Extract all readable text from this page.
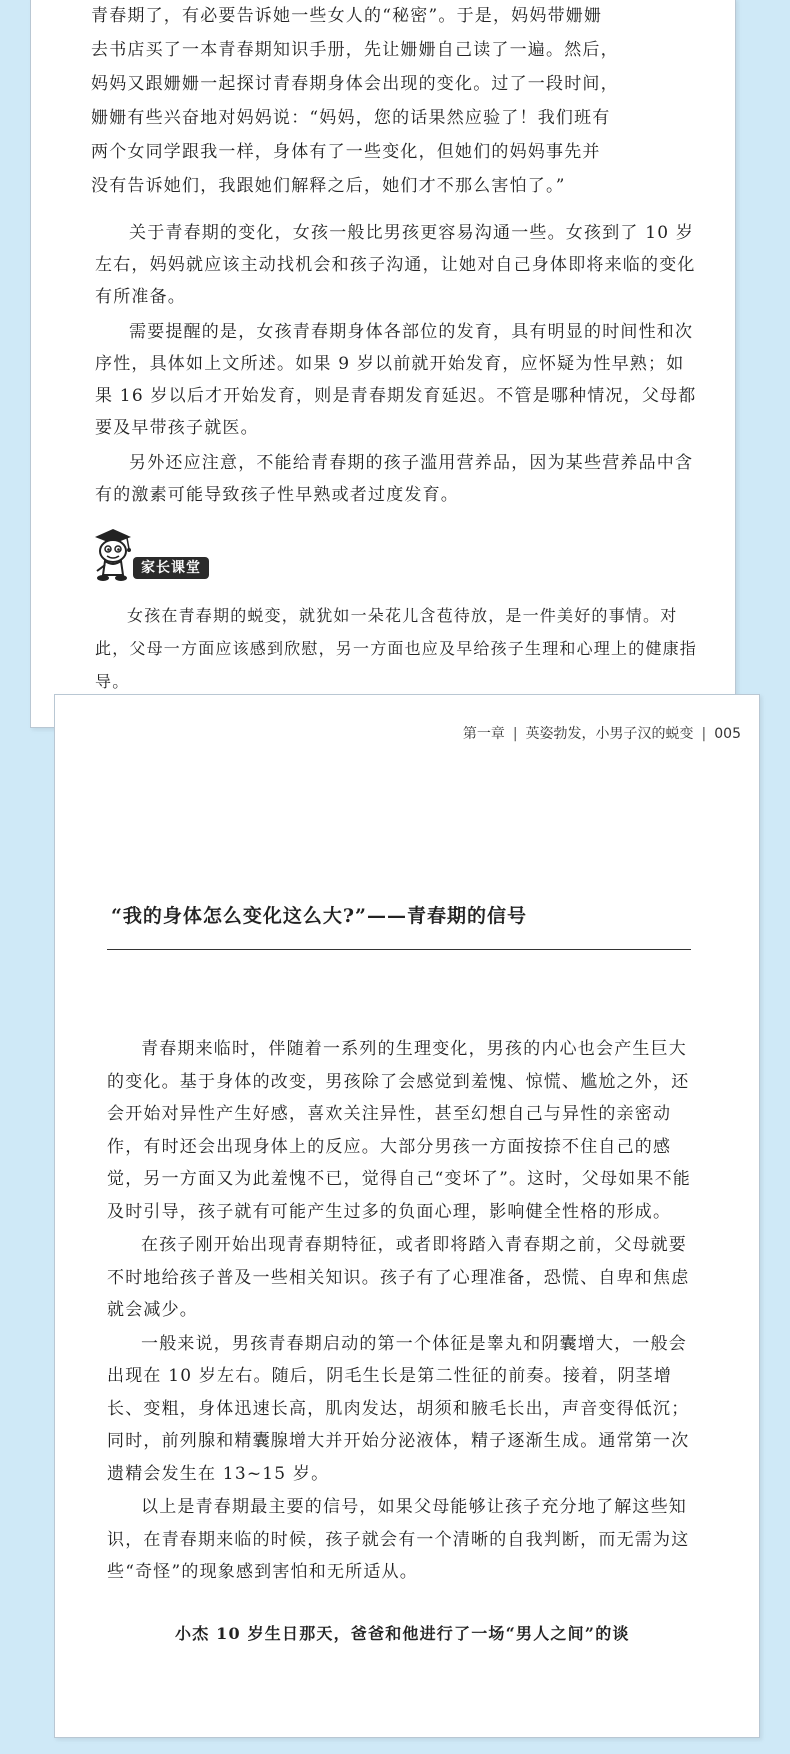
青春期了，有必要告诉她一些女人的“秘密”。于是，妈妈带姗姗

去书店买了一本青春期知识手册，先让姗姗自己读了一遍。然后，

妈妈又跟姗姗一起探讨青春期身体会出现的变化。过了一段时间，

姗姗有些兴奋地对妈妈说：“妈妈，您的话果然应验了！我们班有

两个女同学跟我一样，身体有了一些变化，但她们的妈妈事先并

没有告诉她们，我跟她们解释之后，她们才不那么害怕了。”

关于青春期的变化，女孩一般比男孩更容易沟通一些。女孩到了 10 岁左右，妈妈就应该主动找机会和孩子沟通，让她对自己身体即将来临的变化有所准备。

需要提醒的是，女孩青春期身体各部位的发育，具有明显的时间性和次序性，具体如上文所述。如果 9 岁以前就开始发育，应怀疑为性早熟；如果 16 岁以后才开始发育，则是青春期发育延迟。不管是哪种情况，父母都要及早带孩子就医。

另外还应注意，不能给青春期的孩子滥用营养品，因为某些营养品中含有的激素可能导致孩子性早熟或者过度发育。

家长课堂

女孩在青春期的蜕变，就犹如一朵花儿含苞待放，是一件美好的事情。对此，父母一方面应该感到欣慰，另一方面也应及早给孩子生理和心理上的健康指导。

第一章 | 英姿勃发，小男子汉的蜕变 | 005
“我的身体怎么变化这么大?”——青春期的信号

青春期来临时，伴随着一系列的生理变化，男孩的内心也会产生巨大的变化。基于身体的改变，男孩除了会感觉到羞愧、惊慌、尴尬之外，还会开始对异性产生好感，喜欢关注异性，甚至幻想自己与异性的亲密动作，有时还会出现身体上的反应。大部分男孩一方面按捺不住自己的感觉，另一方面又为此羞愧不已，觉得自己“变坏了”。这时，父母如果不能及时引导，孩子就有可能产生过多的负面心理，影响健全性格的形成。

在孩子刚开始出现青春期特征，或者即将踏入青春期之前，父母就要不时地给孩子普及一些相关知识。孩子有了心理准备，恐慌、自卑和焦虑就会减少。

一般来说，男孩青春期启动的第一个体征是睾丸和阴囊增大，一般会出现在 10 岁左右。随后，阴毛生长是第二性征的前奏。接着，阴茎增长、变粗，身体迅速长高，肌肉发达，胡须和腋毛长出，声音变得低沉；同时，前列腺和精囊腺增大并开始分泌液体，精子逐渐生成。通常第一次遗精会发生在 13~15 岁。

以上是青春期最主要的信号，如果父母能够让孩子充分地了解这些知识，在青春期来临的时候，孩子就会有一个清晰的自我判断，而无需为这些“奇怪”的现象感到害怕和无所适从。

小杰 10 岁生日那天，爸爸和他进行了一场“男人之间”的谈
